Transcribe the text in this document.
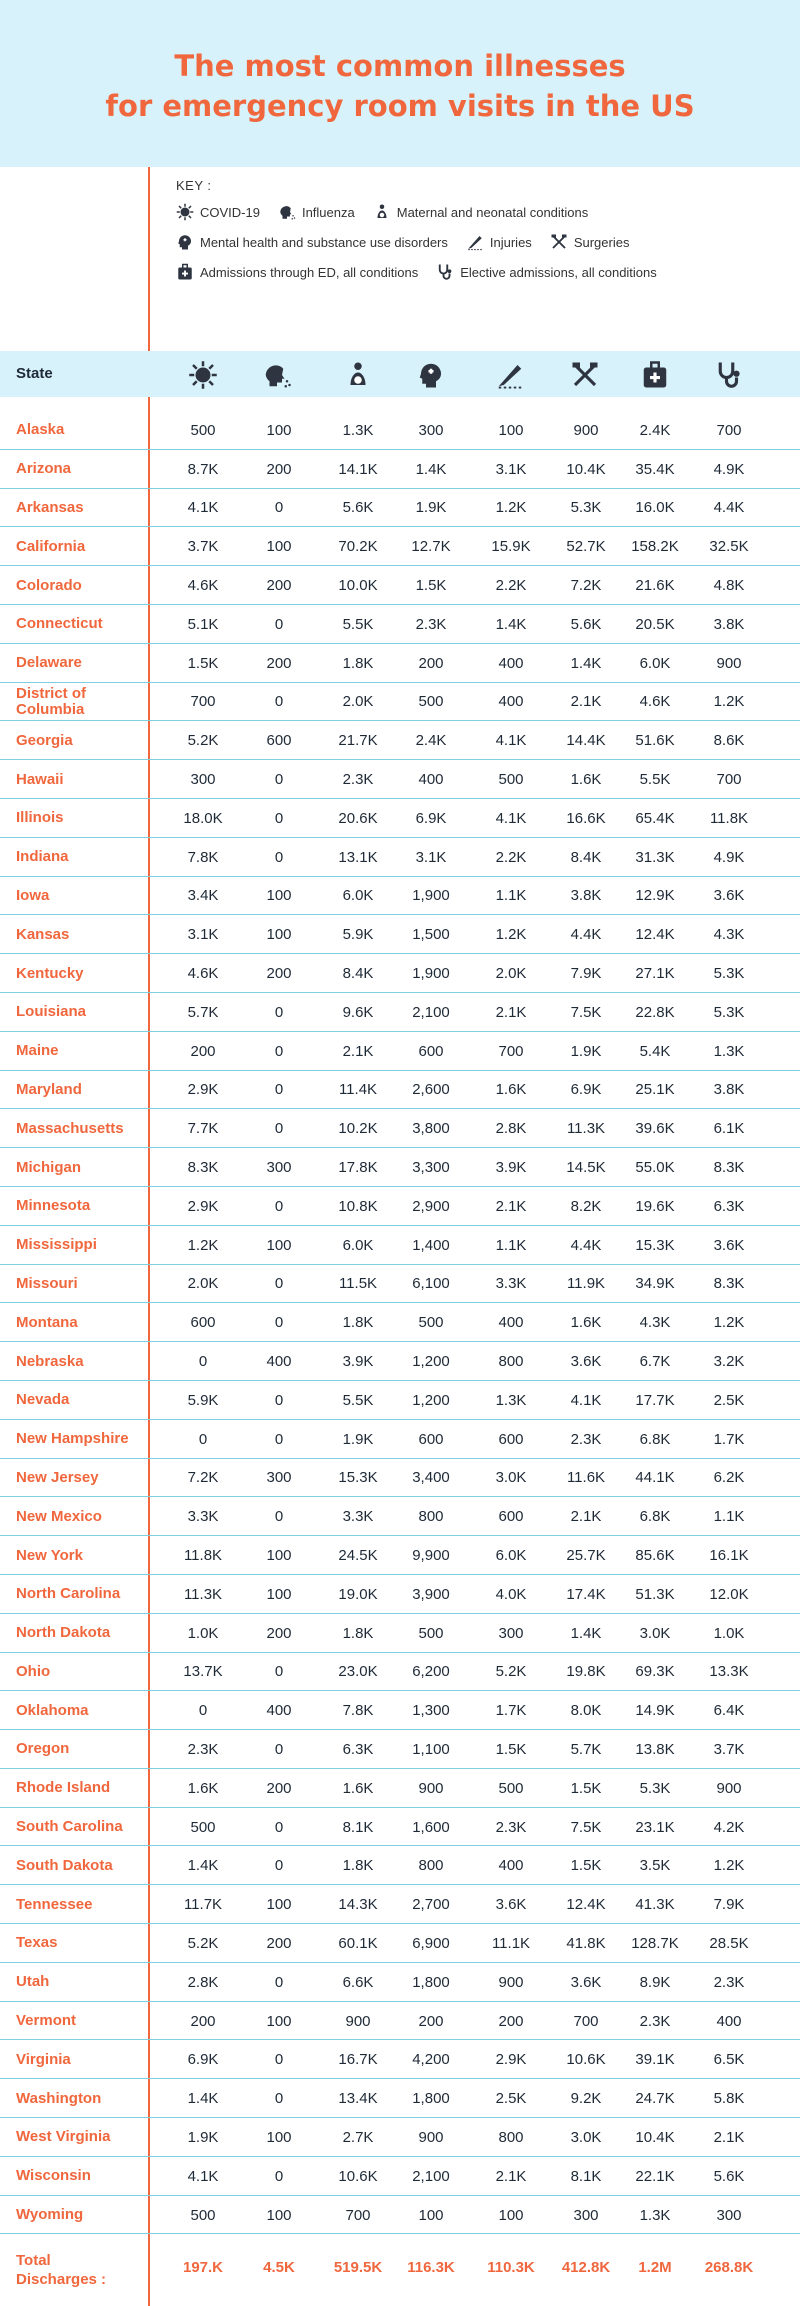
The most common illnesses
for emergency room visits in the US
KEY :
COVID-19	Influenza	Maternal and neonatal conditions
Mental health and substance use disorders	Injuries	Surgeries
Admissions through ED, all conditions	Elective admissions, all conditions
State
Alaska	500	100	1.3K	300	100	900	2.4K	700
Arizona	8.7K	200	14.1K	1.4K	3.1K	10.4K	35.4K	4.9K
Arkansas	4.1K	0	5.6K	1.9K	1.2K	5.3K	16.0K	4.4K
California	3.7K	100	70.2K	12.7K	15.9K	52.7K	158.2K	32.5K
Colorado	4.6K	200	10.0K	1.5K	2.2K	7.2K	21.6K	4.8K
Connecticut	5.1K	0	5.5K	2.3K	1.4K	5.6K	20.5K	3.8K
Delaware	1.5K	200	1.8K	200	400	1.4K	6.0K	900
District of Columbia	700	0	2.0K	500	400	2.1K	4.6K	1.2K
Georgia	5.2K	600	21.7K	2.4K	4.1K	14.4K	51.6K	8.6K
Hawaii	300	0	2.3K	400	500	1.6K	5.5K	700
Illinois	18.0K	0	20.6K	6.9K	4.1K	16.6K	65.4K	11.8K
Indiana	7.8K	0	13.1K	3.1K	2.2K	8.4K	31.3K	4.9K
Iowa	3.4K	100	6.0K	1,900	1.1K	3.8K	12.9K	3.6K
Kansas	3.1K	100	5.9K	1,500	1.2K	4.4K	12.4K	4.3K
Kentucky	4.6K	200	8.4K	1,900	2.0K	7.9K	27.1K	5.3K
Louisiana	5.7K	0	9.6K	2,100	2.1K	7.5K	22.8K	5.3K
Maine	200	0	2.1K	600	700	1.9K	5.4K	1.3K
Maryland	2.9K	0	11.4K	2,600	1.6K	6.9K	25.1K	3.8K
Massachusetts	7.7K	0	10.2K	3,800	2.8K	11.3K	39.6K	6.1K
Michigan	8.3K	300	17.8K	3,300	3.9K	14.5K	55.0K	8.3K
Minnesota	2.9K	0	10.8K	2,900	2.1K	8.2K	19.6K	6.3K
Mississippi	1.2K	100	6.0K	1,400	1.1K	4.4K	15.3K	3.6K
Missouri	2.0K	0	11.5K	6,100	3.3K	11.9K	34.9K	8.3K
Montana	600	0	1.8K	500	400	1.6K	4.3K	1.2K
Nebraska	0	400	3.9K	1,200	800	3.6K	6.7K	3.2K
Nevada	5.9K	0	5.5K	1,200	1.3K	4.1K	17.7K	2.5K
New Hampshire	0	0	1.9K	600	600	2.3K	6.8K	1.7K
New Jersey	7.2K	300	15.3K	3,400	3.0K	11.6K	44.1K	6.2K
New Mexico	3.3K	0	3.3K	800	600	2.1K	6.8K	1.1K
New York	11.8K	100	24.5K	9,900	6.0K	25.7K	85.6K	16.1K
North Carolina	11.3K	100	19.0K	3,900	4.0K	17.4K	51.3K	12.0K
North Dakota	1.0K	200	1.8K	500	300	1.4K	3.0K	1.0K
Ohio	13.7K	0	23.0K	6,200	5.2K	19.8K	69.3K	13.3K
Oklahoma	0	400	7.8K	1,300	1.7K	8.0K	14.9K	6.4K
Oregon	2.3K	0	6.3K	1,100	1.5K	5.7K	13.8K	3.7K
Rhode Island	1.6K	200	1.6K	900	500	1.5K	5.3K	900
South Carolina	500	0	8.1K	1,600	2.3K	7.5K	23.1K	4.2K
South Dakota	1.4K	0	1.8K	800	400	1.5K	3.5K	1.2K
Tennessee	11.7K	100	14.3K	2,700	3.6K	12.4K	41.3K	7.9K
Texas	5.2K	200	60.1K	6,900	11.1K	41.8K	128.7K	28.5K
Utah	2.8K	0	6.6K	1,800	900	3.6K	8.9K	2.3K
Vermont	200	100	900	200	200	700	2.3K	400
Virginia	6.9K	0	16.7K	4,200	2.9K	10.6K	39.1K	6.5K
Washington	1.4K	0	13.4K	1,800	2.5K	9.2K	24.7K	5.8K
West Virginia	1.9K	100	2.7K	900	800	3.0K	10.4K	2.1K
Wisconsin	4.1K	0	10.6K	2,100	2.1K	8.1K	22.1K	5.6K
Wyoming	500	100	700	100	100	300	1.3K	300
Total
Discharges :
197.K	4.5K	519.5K	116.3K	110.3K	412.8K	1.2M	268.8K
